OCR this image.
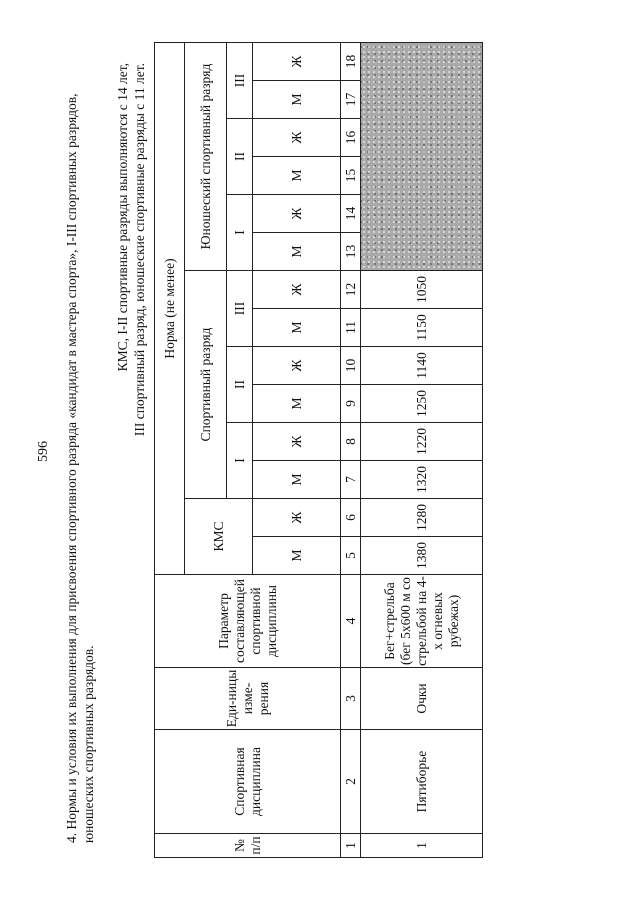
596 4. Нормы и условия их выполнения для присвоения спортивного разряда «кандидат в мастера спорта», I-III спортивных разрядов, юношеских спортивных разрядов.
КМС, I-II спортивные разряды выполняются с 14 лет, III спортивный разряд, юношеские спортивные разряды с 11 лет.
№ п/п	Спортивная дисциплина	Еди-ницы изме-рения	Параметр составляющей спортивной дисциплины	Норма (не менее)													
				КМС		Спортивный разряд						Юношеский спортивный разряд					
						I		II		III		I		II		III	
				М	Ж	М	Ж	М	Ж	М	Ж	М	Ж	М	Ж	М	Ж
1	2	3	4	5	6	7	8	9	10	11	12	13	14	15	16	17	18
1	Пятиборье	Очки	Бег+стрельба (бег 5х600 м со стрельбой на 4-х огневых рубежах)	1380	1280	1320	1220	1250	1140	1150	1050						
